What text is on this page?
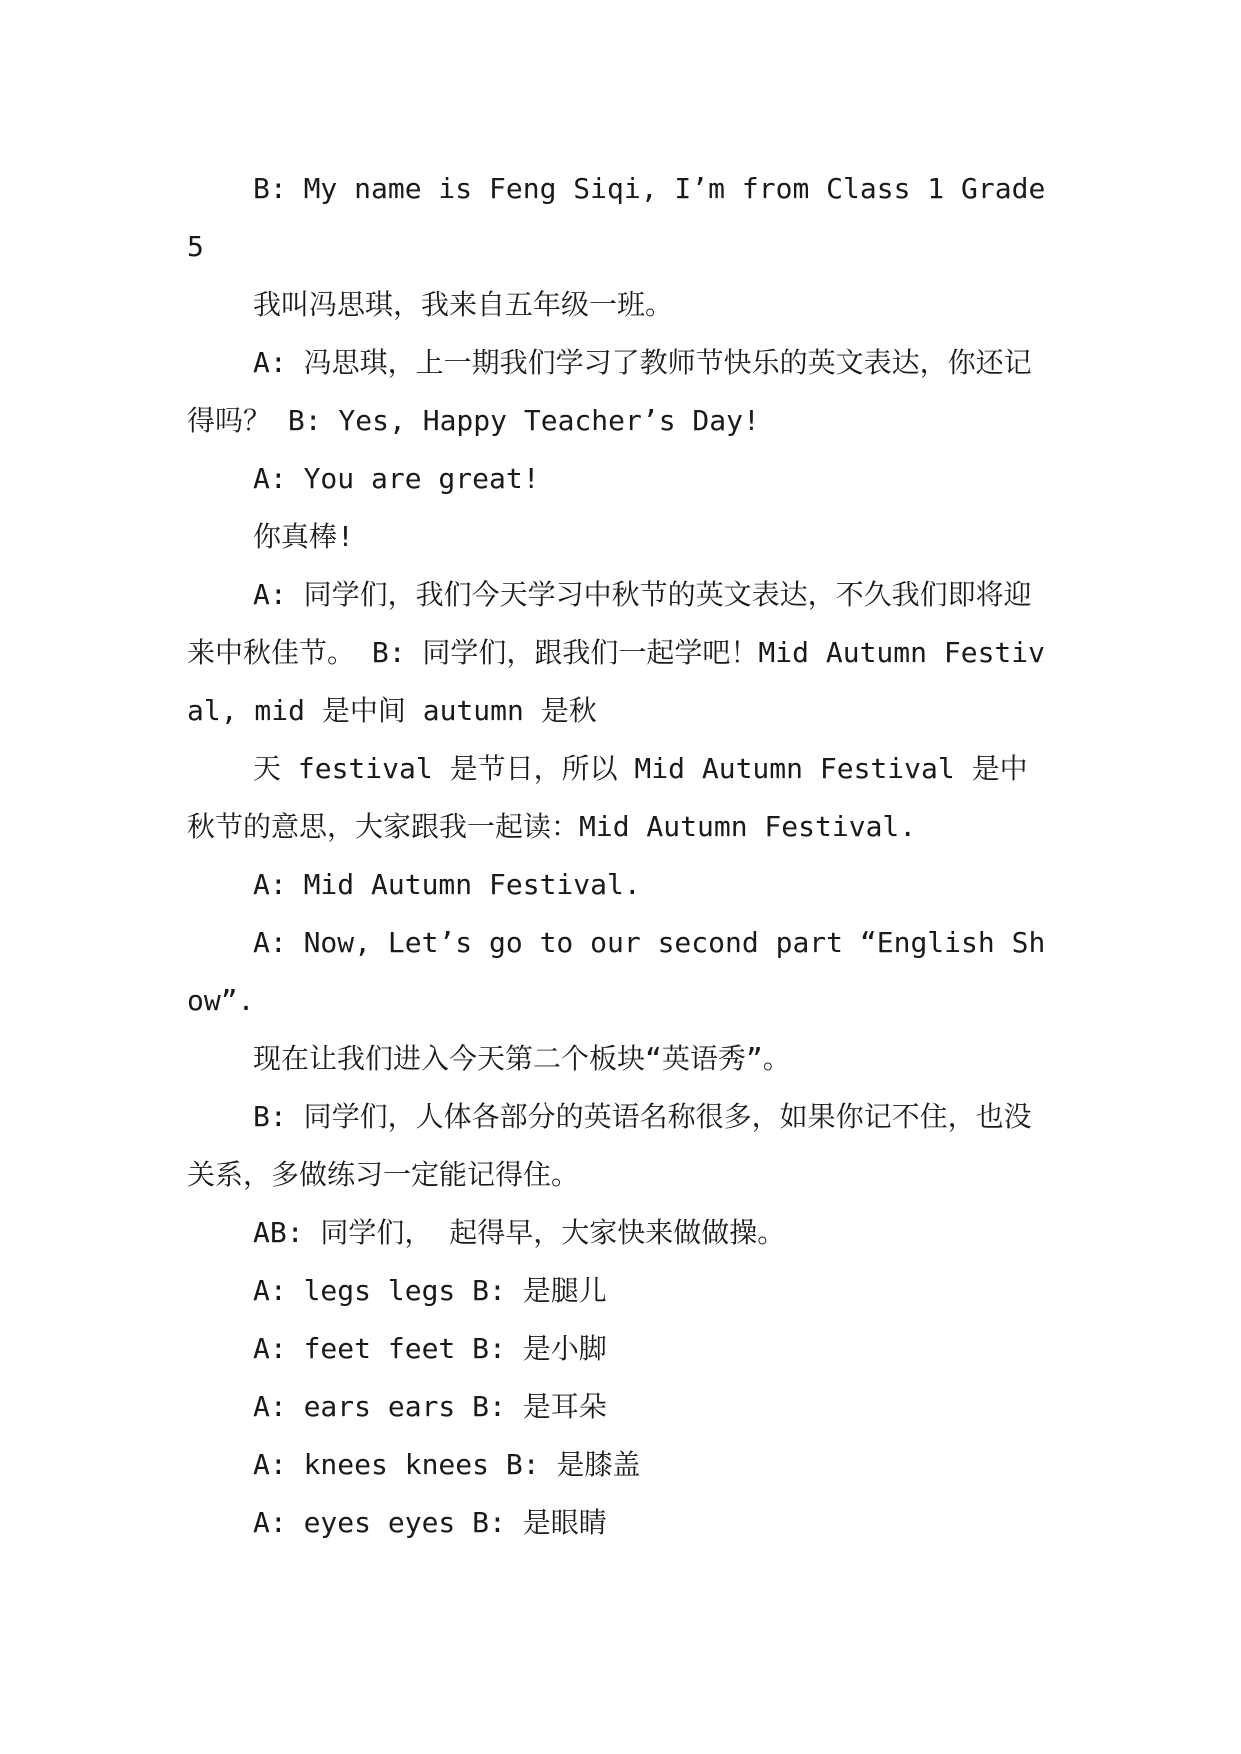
B: My name is Feng Siqi, I’m from Class 1 Grade 5

我叫冯思琪，我来自五年级一班。

A: 冯思琪，上一期我们学习了教师节快乐的英文表达，你还记得吗？ B: Yes, Happy Teacher’s Day!

A: You are great!

你真棒!

A: 同学们，我们今天学习中秋节的英文表达，不久我们即将迎来中秋佳节。 B: 同学们，跟我们一起学吧！Mid Autumn Festival, mid 是中间 autumn 是秋

天 festival 是节日，所以 Mid Autumn Festival 是中秋节的意思，大家跟我一起读：Mid Autumn Festival.

A: Mid Autumn Festival.

A: Now, Let’s go to our second part “English Show”.

现在让我们进入今天第二个板块“英语秀”。

B: 同学们，人体各部分的英语名称很多，如果你记不住，也没关系，多做练习一定能记得住。

AB: 同学们， 起得早，大家快来做做操。

A: legs legs B: 是腿儿

A: feet feet B: 是小脚

A: ears ears B: 是耳朵

A: knees knees B: 是膝盖

A: eyes eyes B: 是眼睛
